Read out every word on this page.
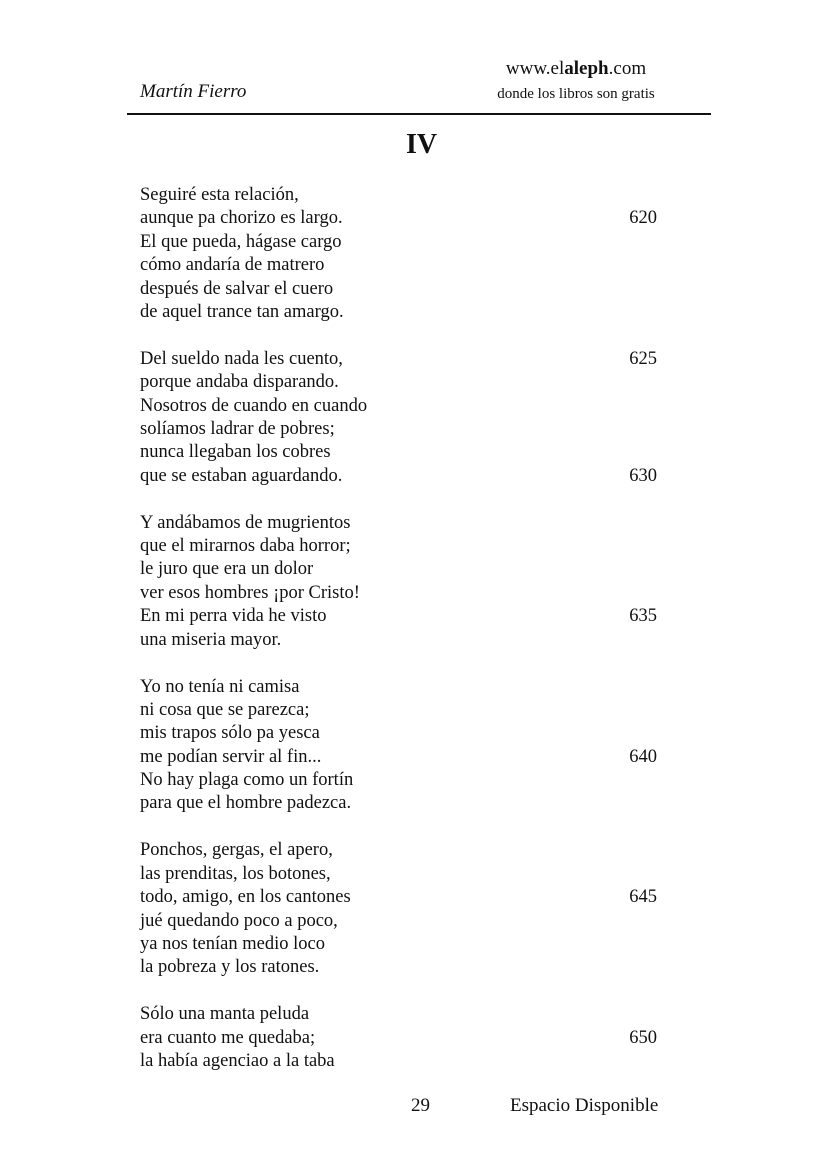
Martín Fierro
www.elaleph.com
donde los libros son gratis
IV
Seguiré esta relación,
aunque pa chorizo es largo.	620
El que pueda, hágase cargo
cómo andaría de matrero
después de salvar el cuero
de aquel trance tan amargo.
Del sueldo nada les cuento,	625
porque andaba disparando.
Nosotros de cuando en cuando
solíamos ladrar de pobres;
nunca llegaban los cobres
que se estaban aguardando.	630
Y andábamos de mugrientos
que el mirarnos daba horror;
le juro que era un dolor
ver esos hombres ¡por Cristo!
En mi perra vida he visto	635
una miseria mayor.
Yo no tenía ni camisa
ni cosa que se parezca;
mis trapos sólo pa yesca
me podían servir al fin...	640
No hay plaga como un fortín
para que el hombre padezca.
Ponchos, gergas, el apero,
las prenditas, los botones,
todo, amigo, en los cantones	645
jué quedando poco a poco,
ya nos tenían medio loco
la pobreza y los ratones.
Sólo una manta peluda
era cuanto me quedaba;	650
la había agenciao a la taba
29	Espacio Disponible
